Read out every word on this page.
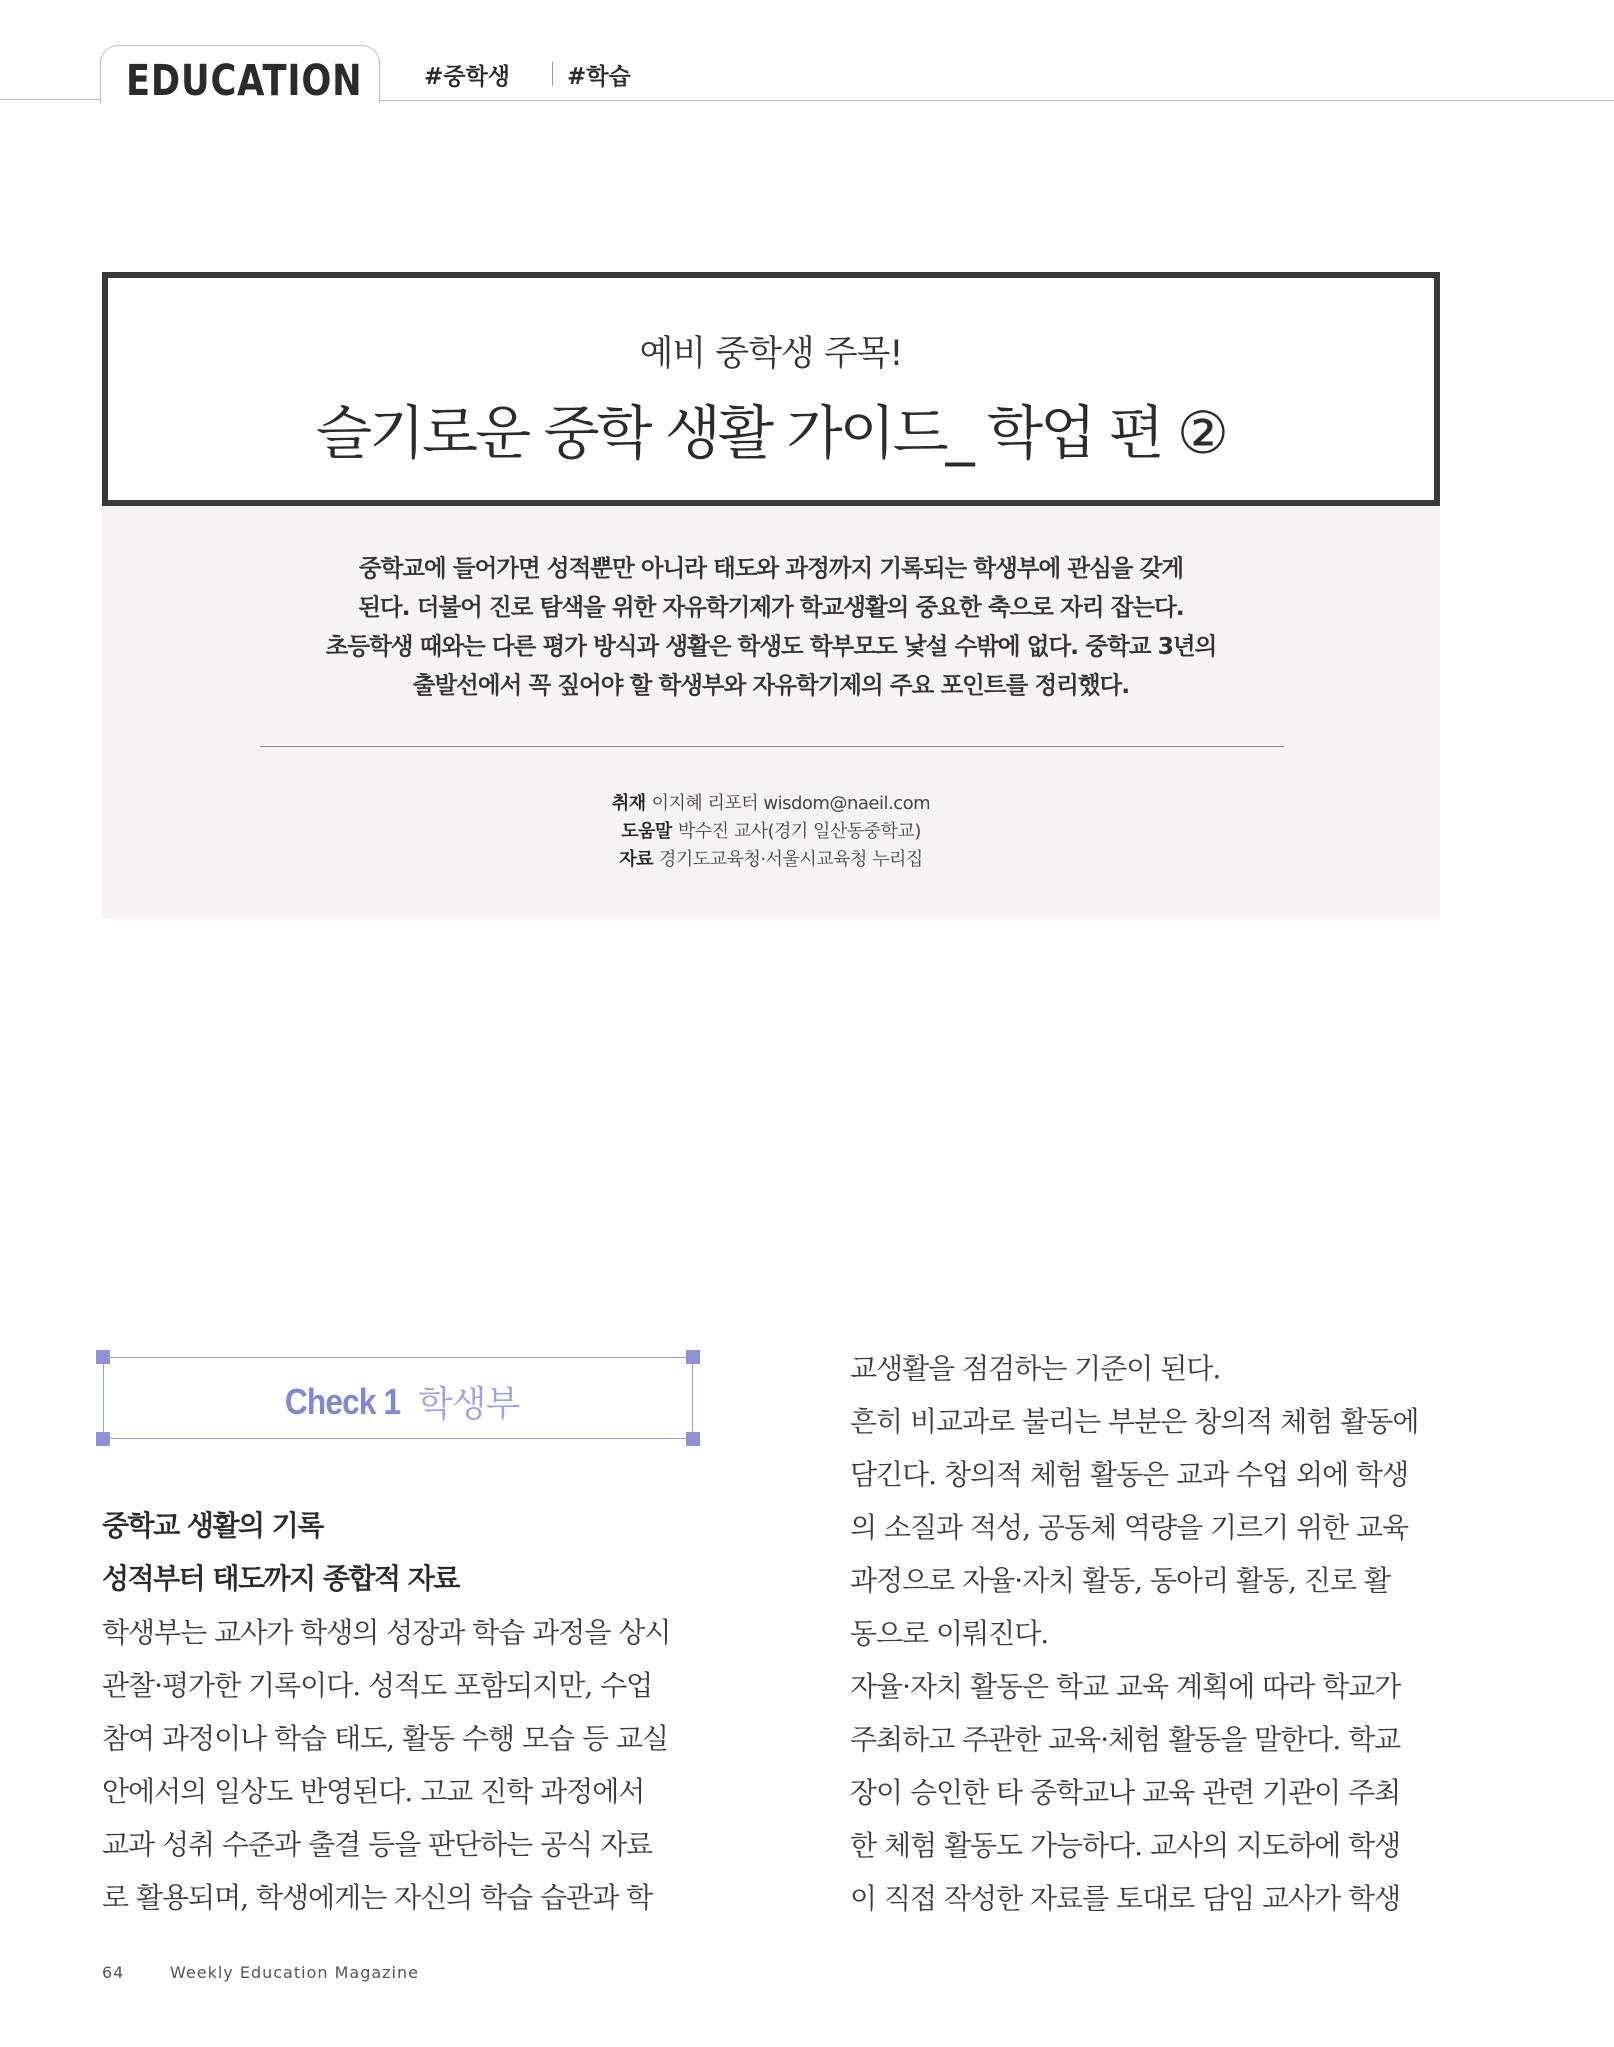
EDUCATION	#중학생 #학습
예비 중학생 주목!
슬기로운 중학 생활 가이드_ 학업 편 ②

중학교에 들어가면 성적뿐만 아니라 태도와 과정까지 기록되는 학생부에 관심을 갖게

된다. 더불어 진로 탐색을 위한 자유학기제가 학교생활의 중요한 축으로 자리 잡는다.

초등학생 때와는 다른 평가 방식과 생활은 학생도 학부모도 낯설 수밖에 없다. 중학교 3년의

출발선에서 꼭 짚어야 할 학생부와 자유학기제의 주요 포인트를 정리했다.

취재 이지혜 리포터 wisdom@naeil.com
도움말 박수진 교사(경기 일산동중학교)
자료 경기도교육청·서울시교육청 누리집
Check 1 학생부
중학교 생활의 기록
성적부터 태도까지 종합적 자료

학생부는 교사가 학생의 성장과 학습 과정을 상시

관찰·평가한 기록이다. 성적도 포함되지만, 수업

참여 과정이나 학습 태도, 활동 수행 모습 등 교실

안에서의 일상도 반영된다. 고교 진학 과정에서

교과 성취 수준과 출결 등을 판단하는 공식 자료

로 활용되며, 학생에게는 자신의 학습 습관과 학

교생활을 점검하는 기준이 된다.

흔히 비교과로 불리는 부분은 창의적 체험 활동에

담긴다. 창의적 체험 활동은 교과 수업 외에 학생

의 소질과 적성, 공동체 역량을 기르기 위한 교육

과정으로 자율·자치 활동, 동아리 활동, 진로 활

동으로 이뤄진다.

자율·자치 활동은 학교 교육 계획에 따라 학교가

주최하고 주관한 교육·체험 활동을 말한다. 학교

장이 승인한 타 중학교나 교육 관련 기관이 주최

한 체험 활동도 가능하다. 교사의 지도하에 학생

이 직접 작성한 자료를 토대로 담임 교사가 학생

64	Weekly Education Magazine
